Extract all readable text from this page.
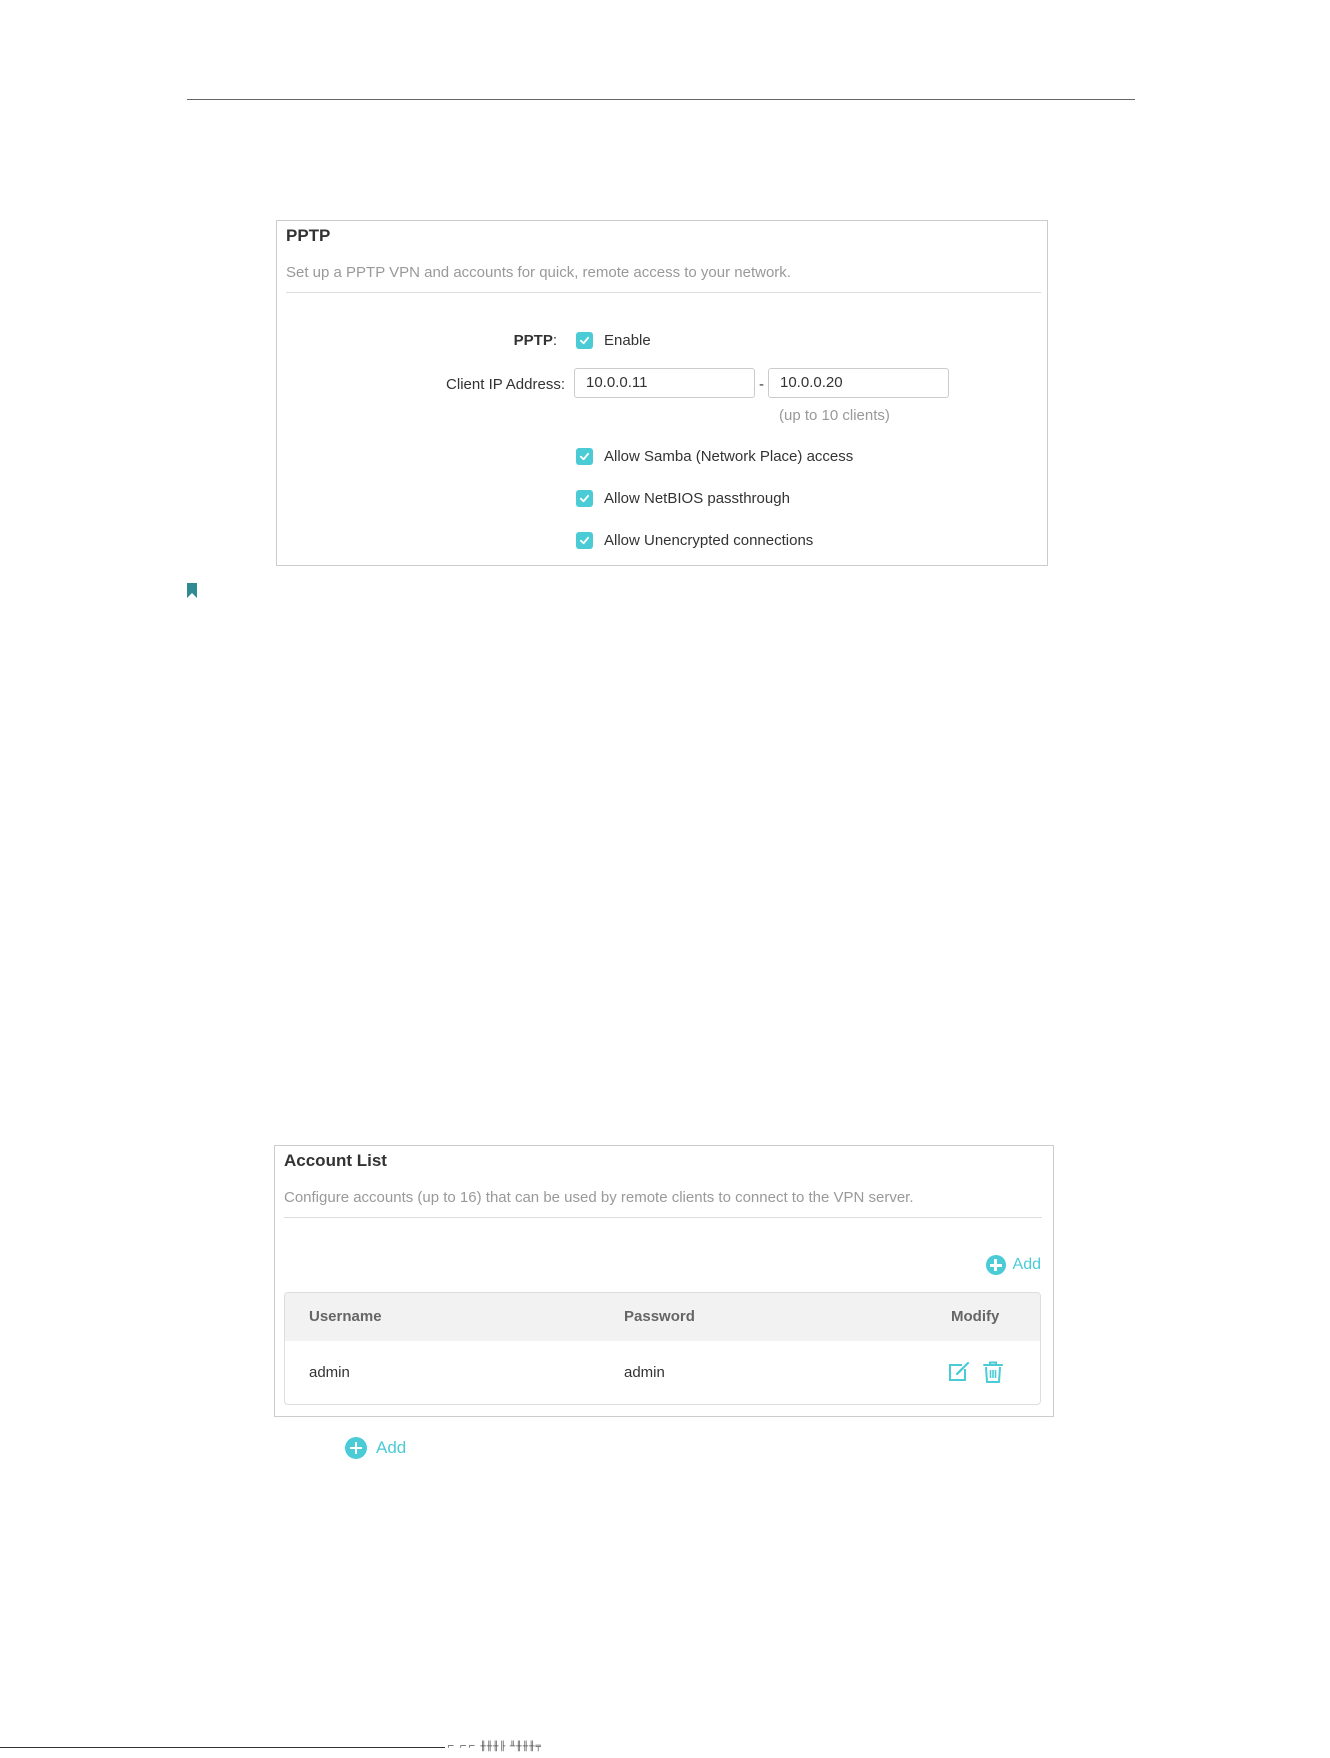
PPTP
Set up a PPTP VPN and accounts for quick, remote access to your network.
PPTP:	Enable
Client IP Address:	10.0.0.11	-	10.0.0.20
(up to 10 clients)
Allow Samba (Network Place) access
Allow NetBIOS passthrough
Allow Unencrypted connections
Account List
Configure accounts (up to 16) that can be used by remote clients to connect to the VPN server.
Add
Username	Password	Modify
admin	admin
Add
⌐ ⌐⌐ ╫╫╫╟ ╨╫╫╫╤
